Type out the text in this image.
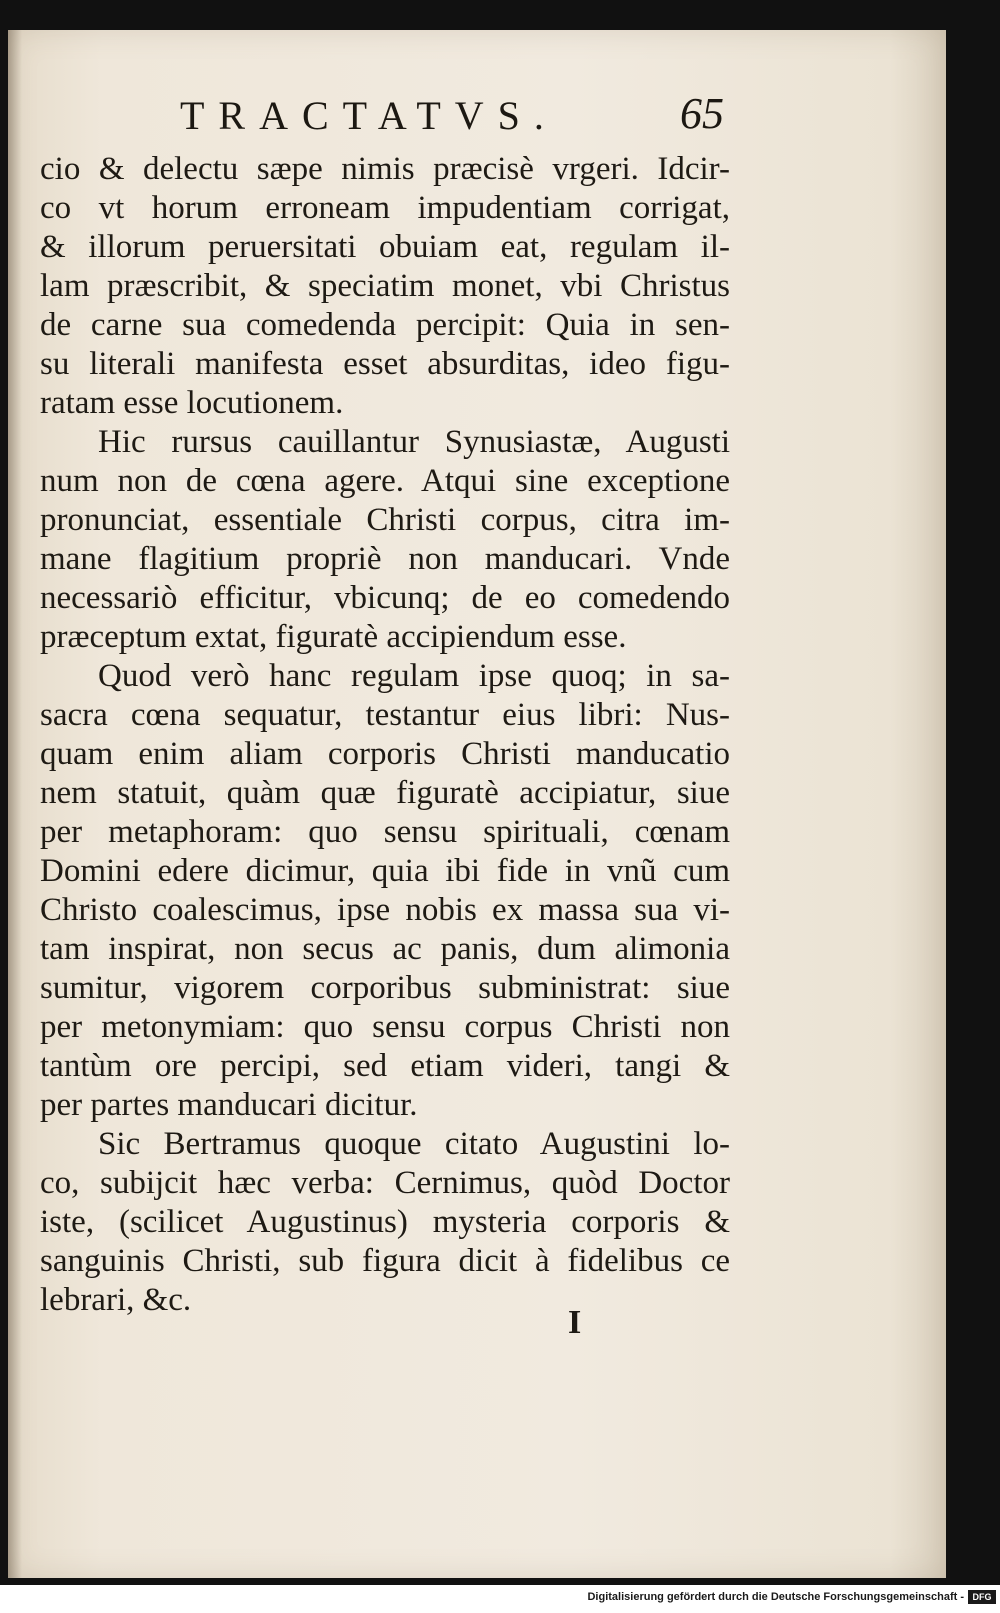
TRACTATVS.	65

cio & delectu sæpe nimis præcisè vrgeri. Idcir-
co vt horum erroneam impudentiam corrigat,
& illorum peruersitati obuiam eat, regulam il-
lam præscribit, & speciatim monet, vbi Christus
de carne sua comedenda percipit: Quia in sen-
su literali manifesta esset absurditas, ideo figu-
ratam esse locutionem.

Hic rursus cauillantur Synusiastæ, Augusti
num non de cœna agere. Atqui sine exceptione
pronunciat, essentiale Christi corpus, citra im-
mane flagitium propriè non manducari. Vnde
necessariò efficitur, vbicunq; de eo comedendo
præceptum extat, figuratè accipiendum esse.

Quod verò hanc regulam ipse quoq; in sa-
sacra cœna sequatur, testantur eius libri: Nus-
quam enim aliam corporis Christi manducatio
nem statuit, quàm quæ figuratè accipiatur, siue
per metaphoram: quo sensu spirituali, cœnam
Domini edere dicimur, quia ibi fide in vnũ cum
Christo coalescimus, ipse nobis ex massa sua vi-
tam inspirat, non secus ac panis, dum alimonia
sumitur, vigorem corporibus subministrat: siue
per metonymiam: quo sensu corpus Christi non
tantùm ore percipi, sed etiam videri, tangi &
per partes manducari dicitur.

Sic Bertramus quoque citato Augustini lo-
co, subijcit hæc verba: Cernimus, quòd Doctor
iste, (scilicet Augustinus) mysteria corporis &
sanguinis Christi, sub figura dicit à fidelibus ce
lebrari, &c.

I
Digitalisierung gefördert durch die Deutsche Forschungsgemeinschaft - DFG
